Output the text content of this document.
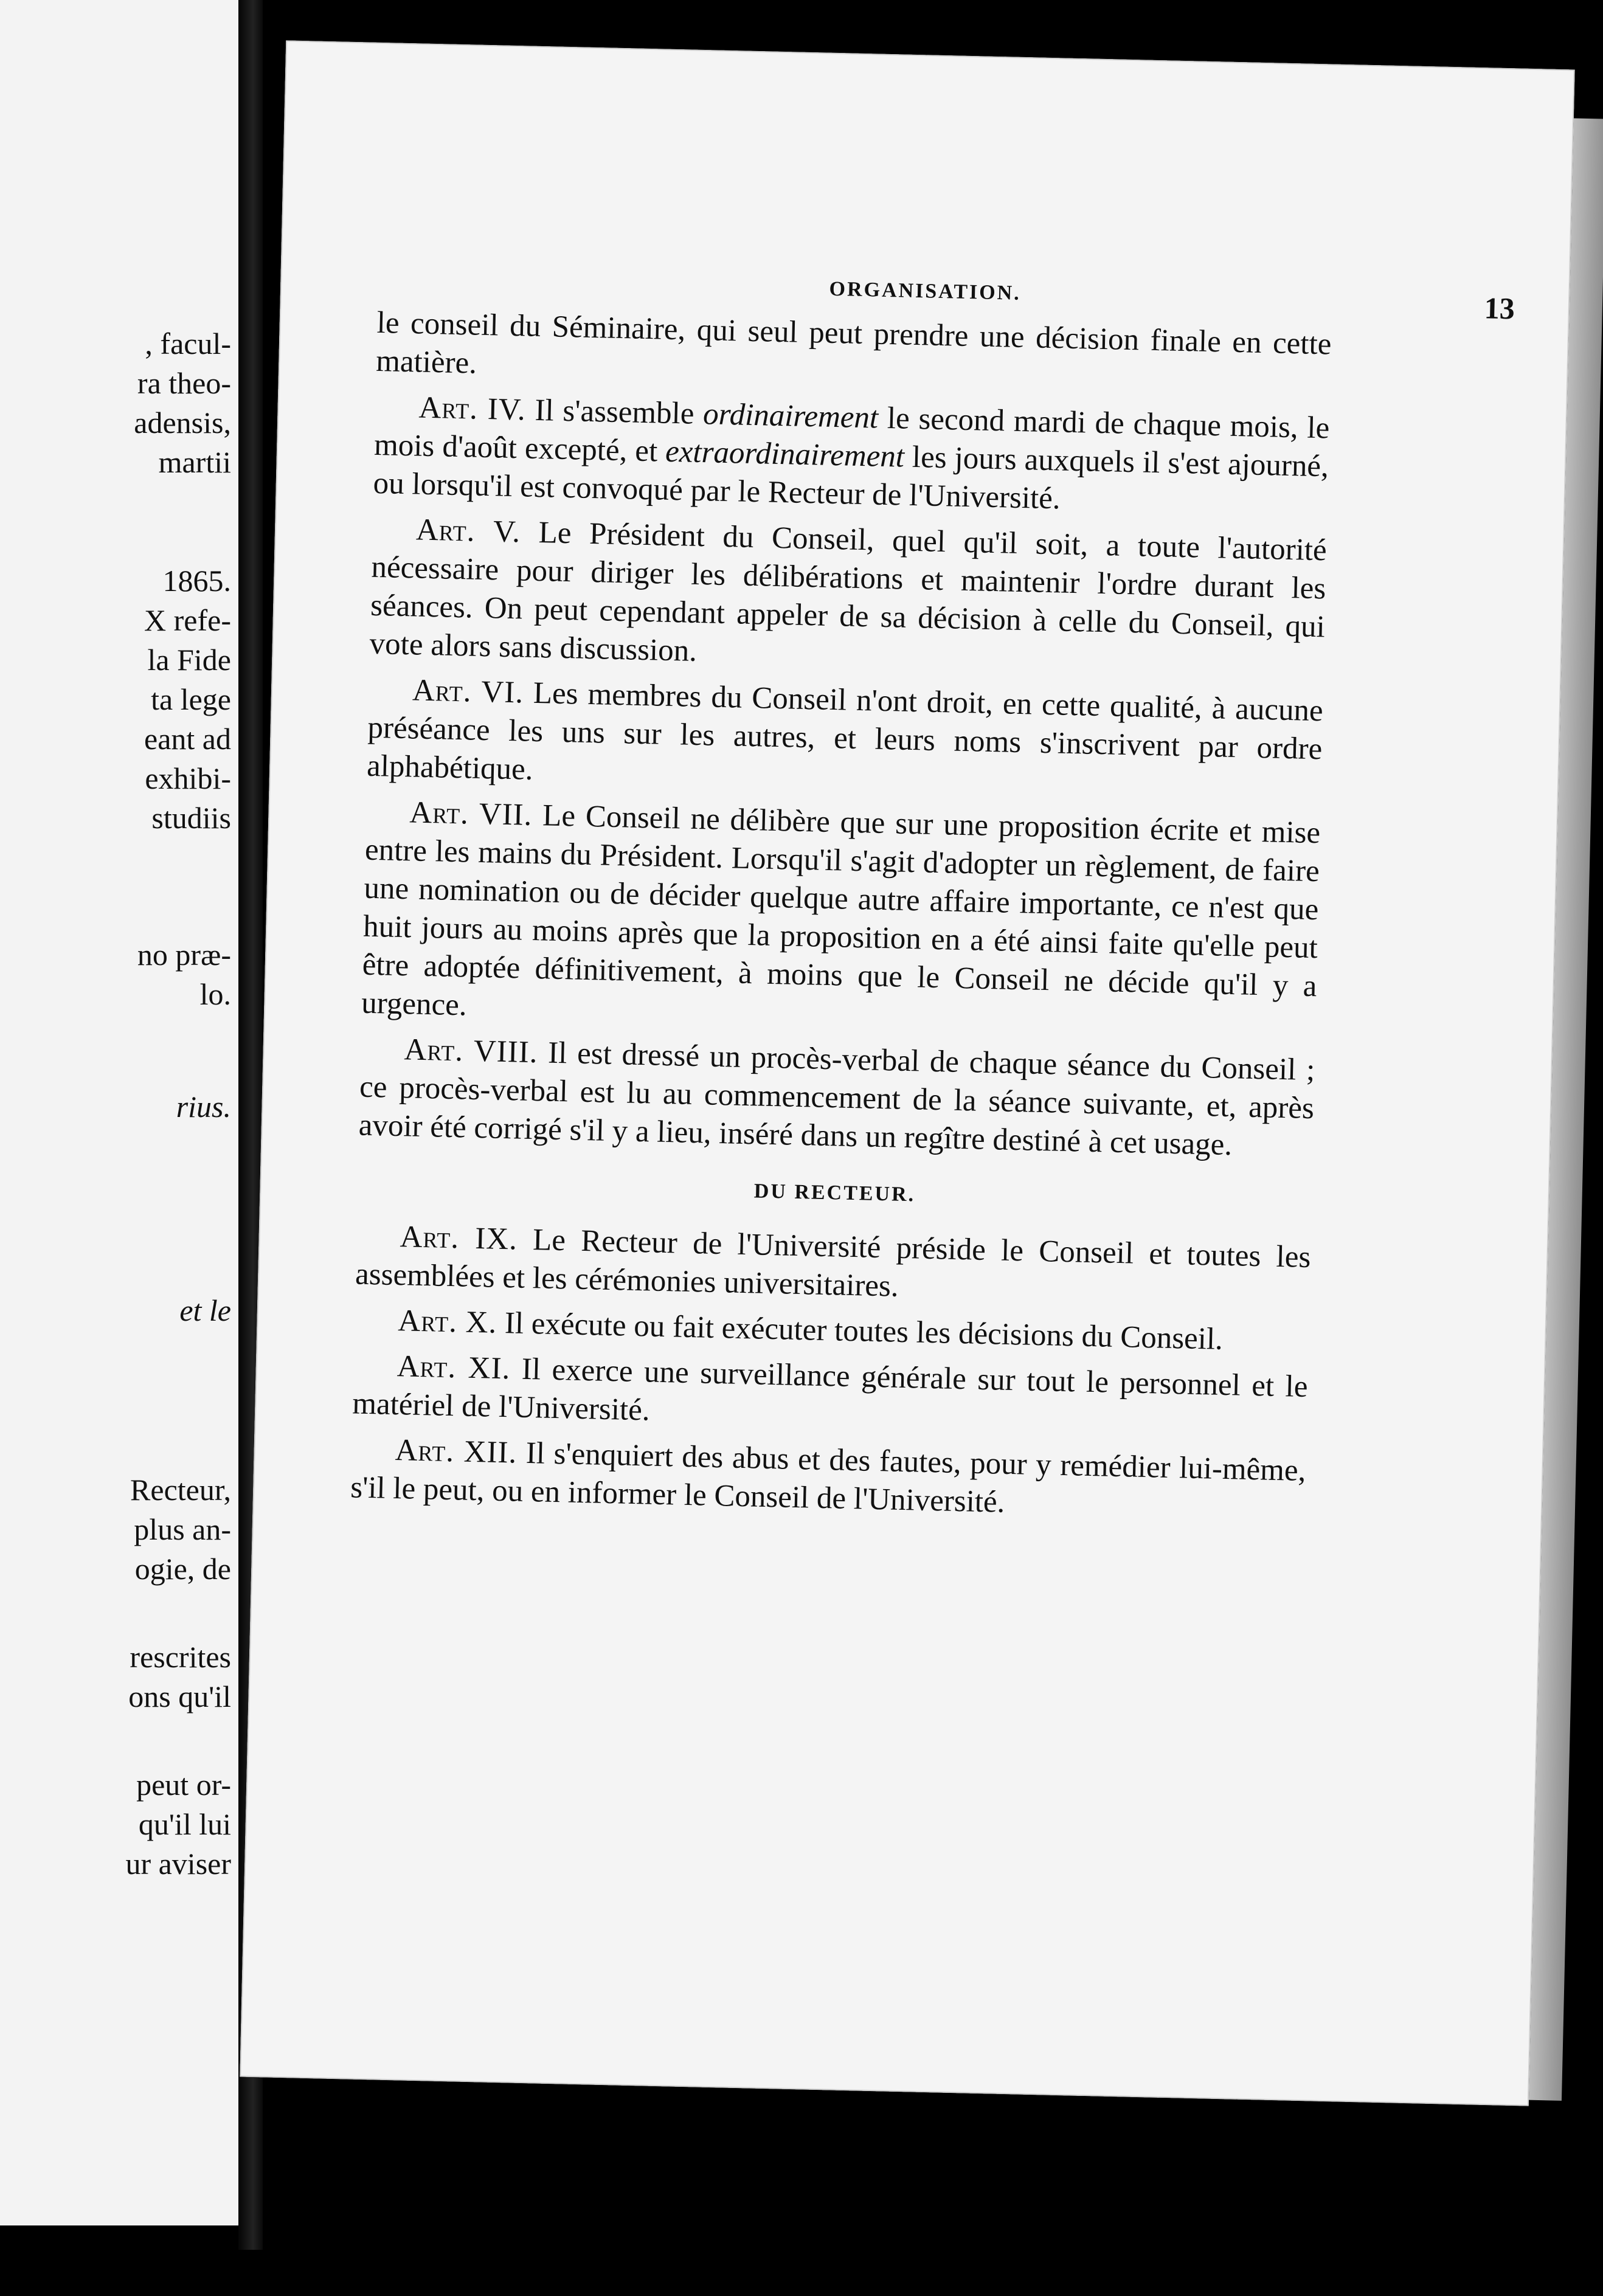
, facul-
ra theo-
adensis,
martii
1865.
X refe-
la Fide
ta lege
eant ad
exhibi-
studiis
no præ-
lo.
rius.
et le
Recteur,
plus an-
ogie, de
rescrites
ons qu'il
peut or-
qu'il lui
ur aviser
ORGANISATION.	13

le conseil du Séminaire, qui seul peut prendre une décision finale en cette matière.

Art. IV. Il s'assemble ordinairement le second mardi de chaque mois, le mois d'août excepté, et extraordinairement les jours auxquels il s'est ajourné, ou lorsqu'il est convoqué par le Recteur de l'Université.

Art. V. Le Président du Conseil, quel qu'il soit, a toute l'autorité nécessaire pour diriger les délibérations et maintenir l'ordre durant les séances. On peut cependant appeler de sa décision à celle du Conseil, qui vote alors sans discussion.

Art. VI. Les membres du Conseil n'ont droit, en cette qualité, à aucune préséance les uns sur les autres, et leurs noms s'inscrivent par ordre alphabétique.

Art. VII. Le Conseil ne délibère que sur une proposition écrite et mise entre les mains du Président. Lorsqu'il s'agit d'adopter un règlement, de faire une nomination ou de décider quelque autre affaire importante, ce n'est que huit jours au moins après que la proposition en a été ainsi faite qu'elle peut être adoptée définitivement, à moins que le Conseil ne décide qu'il y a urgence.

Art. VIII. Il est dressé un procès-verbal de chaque séance du Conseil ; ce procès-verbal est lu au commencement de la séance suivante, et, après avoir été corrigé s'il y a lieu, inséré dans un regître destiné à cet usage.

DU RECTEUR.

Art. IX. Le Recteur de l'Université préside le Conseil et toutes les assemblées et les cérémonies universitaires.

Art. X. Il exécute ou fait exécuter toutes les décisions du Conseil.

Art. XI. Il exerce une surveillance générale sur tout le personnel et le matériel de l'Université.

Art. XII. Il s'enquiert des abus et des fautes, pour y remédier lui-même, s'il le peut, ou en informer le Conseil de l'Université.
